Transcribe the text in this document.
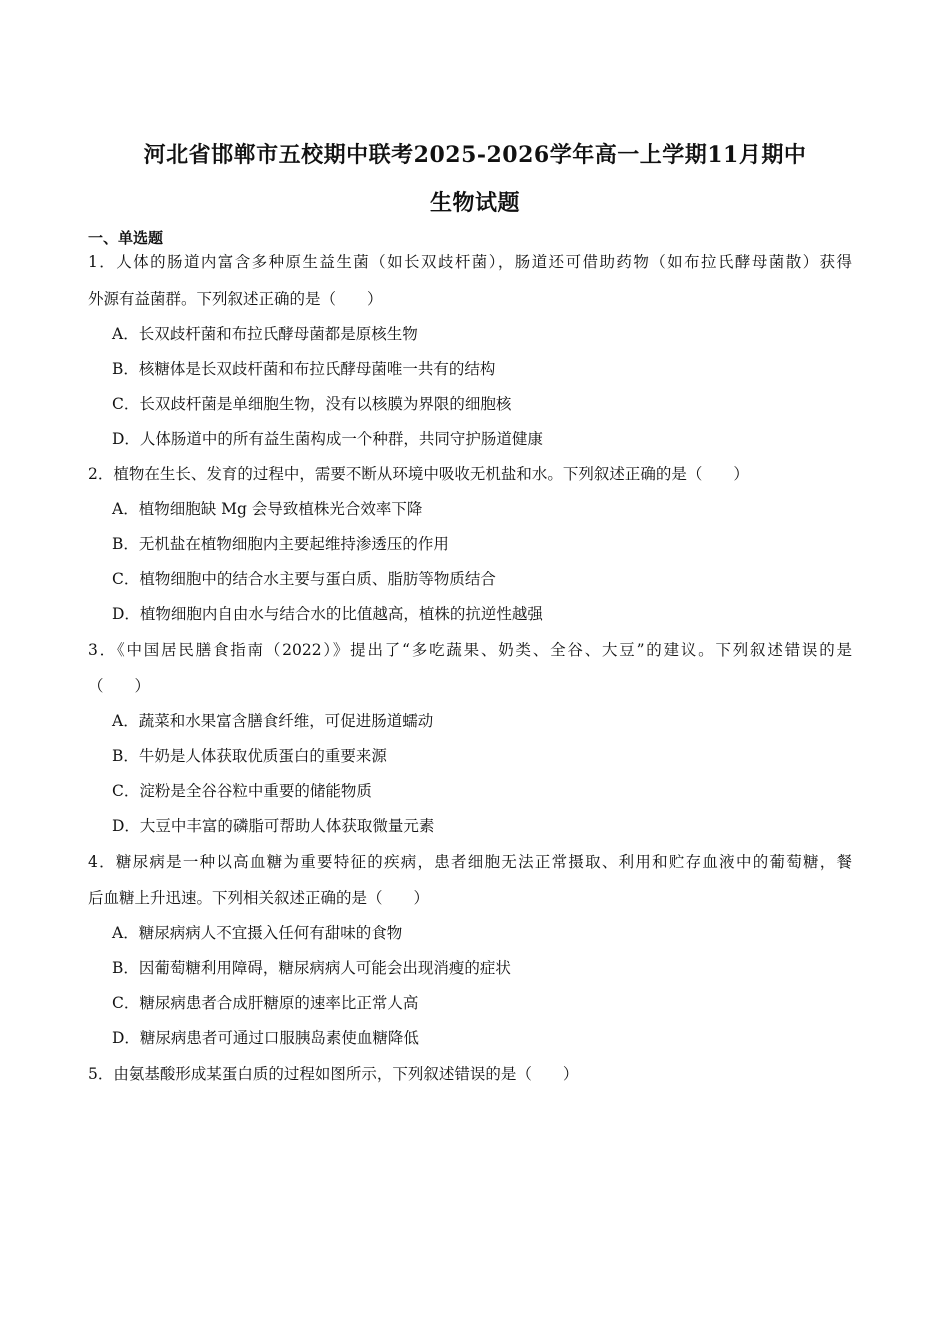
河北省邯郸市五校期中联考2025-2026学年高一上学期11月期中
生物试题
一、单选题
1．人体的肠道内富含多种原生益生菌（如长双歧杆菌），肠道还可借助药物（如布拉氏酵母菌散）获得
外源有益菌群。下列叙述正确的是（　　）
A．长双歧杆菌和布拉氏酵母菌都是原核生物
B．核糖体是长双歧杆菌和布拉氏酵母菌唯一共有的结构
C．长双歧杆菌是单细胞生物，没有以核膜为界限的细胞核
D．人体肠道中的所有益生菌构成一个种群，共同守护肠道健康
2．植物在生长、发育的过程中，需要不断从环境中吸收无机盐和水。下列叙述正确的是（　　）
A．植物细胞缺 Mg 会导致植株光合效率下降
B．无机盐在植物细胞内主要起维持渗透压的作用
C．植物细胞中的结合水主要与蛋白质、脂肪等物质结合
D．植物细胞内自由水与结合水的比值越高，植株的抗逆性越强
3．《中国居民膳食指南（2022）》提出了“多吃蔬果、奶类、全谷、大豆”的建议。下列叙述错误的是
（　　）
A．蔬菜和水果富含膳食纤维，可促进肠道蠕动
B．牛奶是人体获取优质蛋白的重要来源
C．淀粉是全谷谷粒中重要的储能物质
D．大豆中丰富的磷脂可帮助人体获取微量元素
4．糖尿病是一种以高血糖为重要特征的疾病，患者细胞无法正常摄取、利用和贮存血液中的葡萄糖，餐
后血糖上升迅速。下列相关叙述正确的是（　　）
A．糖尿病病人不宜摄入任何有甜味的食物
B．因葡萄糖利用障碍，糖尿病病人可能会出现消瘦的症状
C．糖尿病患者合成肝糖原的速率比正常人高
D．糖尿病患者可通过口服胰岛素使血糖降低
5．由氨基酸形成某蛋白质的过程如图所示，下列叙述错误的是（　　）
